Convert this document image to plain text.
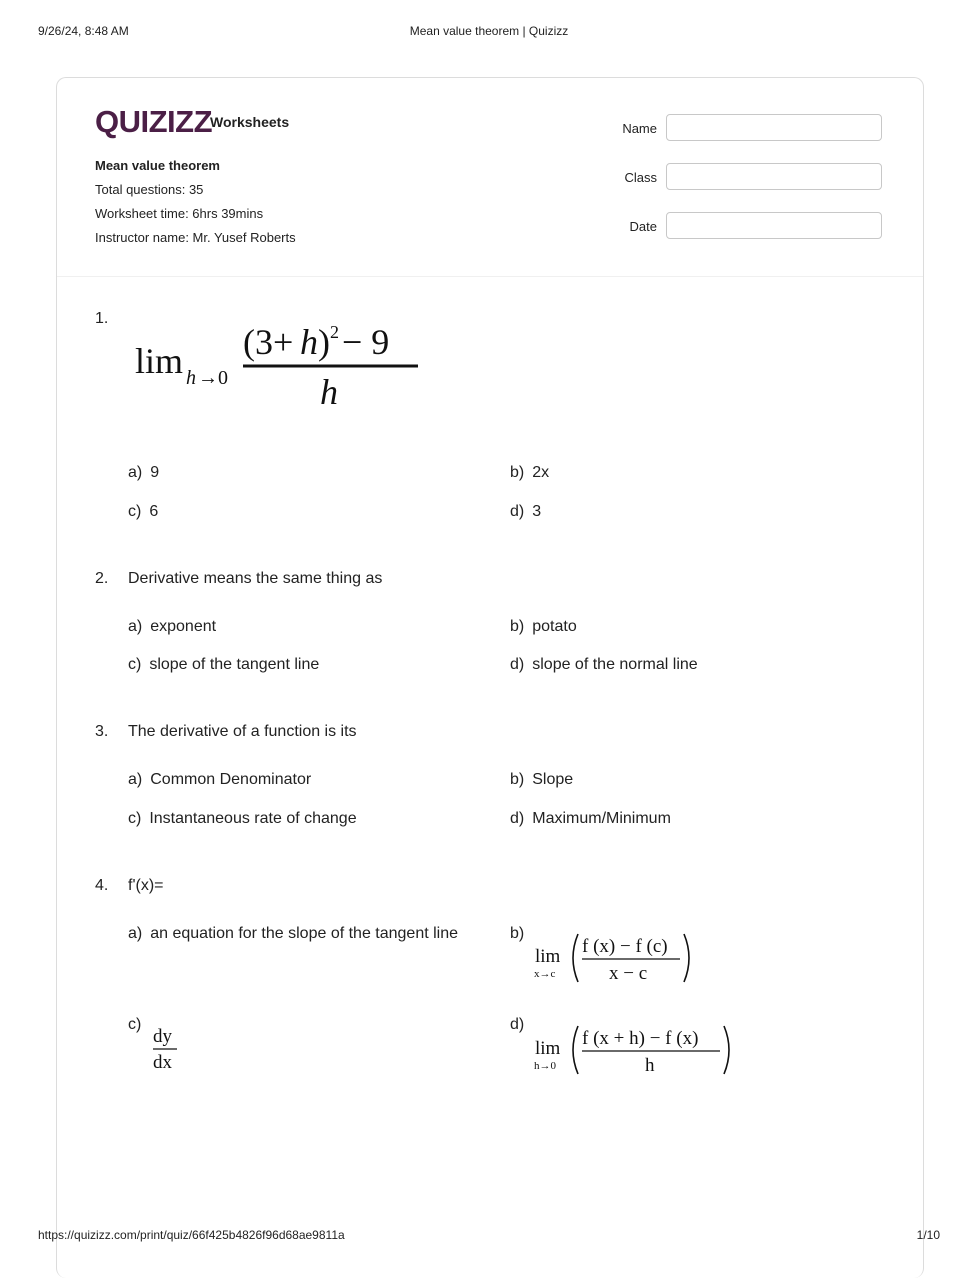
9/26/24, 8:48 AM	Mean value theorem | Quizizz
QUIZIZZ
Worksheets
Mean value theorem
Total questions: 35
Worksheet time: 6hrs 39mins
Instructor name: Mr. Yusef Roberts
Name
Class
Date
1.
lim h →0
(3+ h ) 2 − 9
h
a) 9	b) 2x
c) 6	d) 3
2. Derivative means the same thing as
a) exponent	b) potato
c) slope of the tangent line	d) slope of the normal line
3. The derivative of a function is its
a) Common Denominator	b) Slope
c) Instantaneous rate of change	d) Maximum/Minimum
4. f'(x)=
a) an equation for the slope of the tangent line	b)
lim
x→c
f (x) − f (c)
x − c
c)
dy
dx
d)
lim
h→0
f (x + h) − f (x)
h
https://quizizz.com/print/quiz/66f425b4826f96d68ae9811a	1/10
